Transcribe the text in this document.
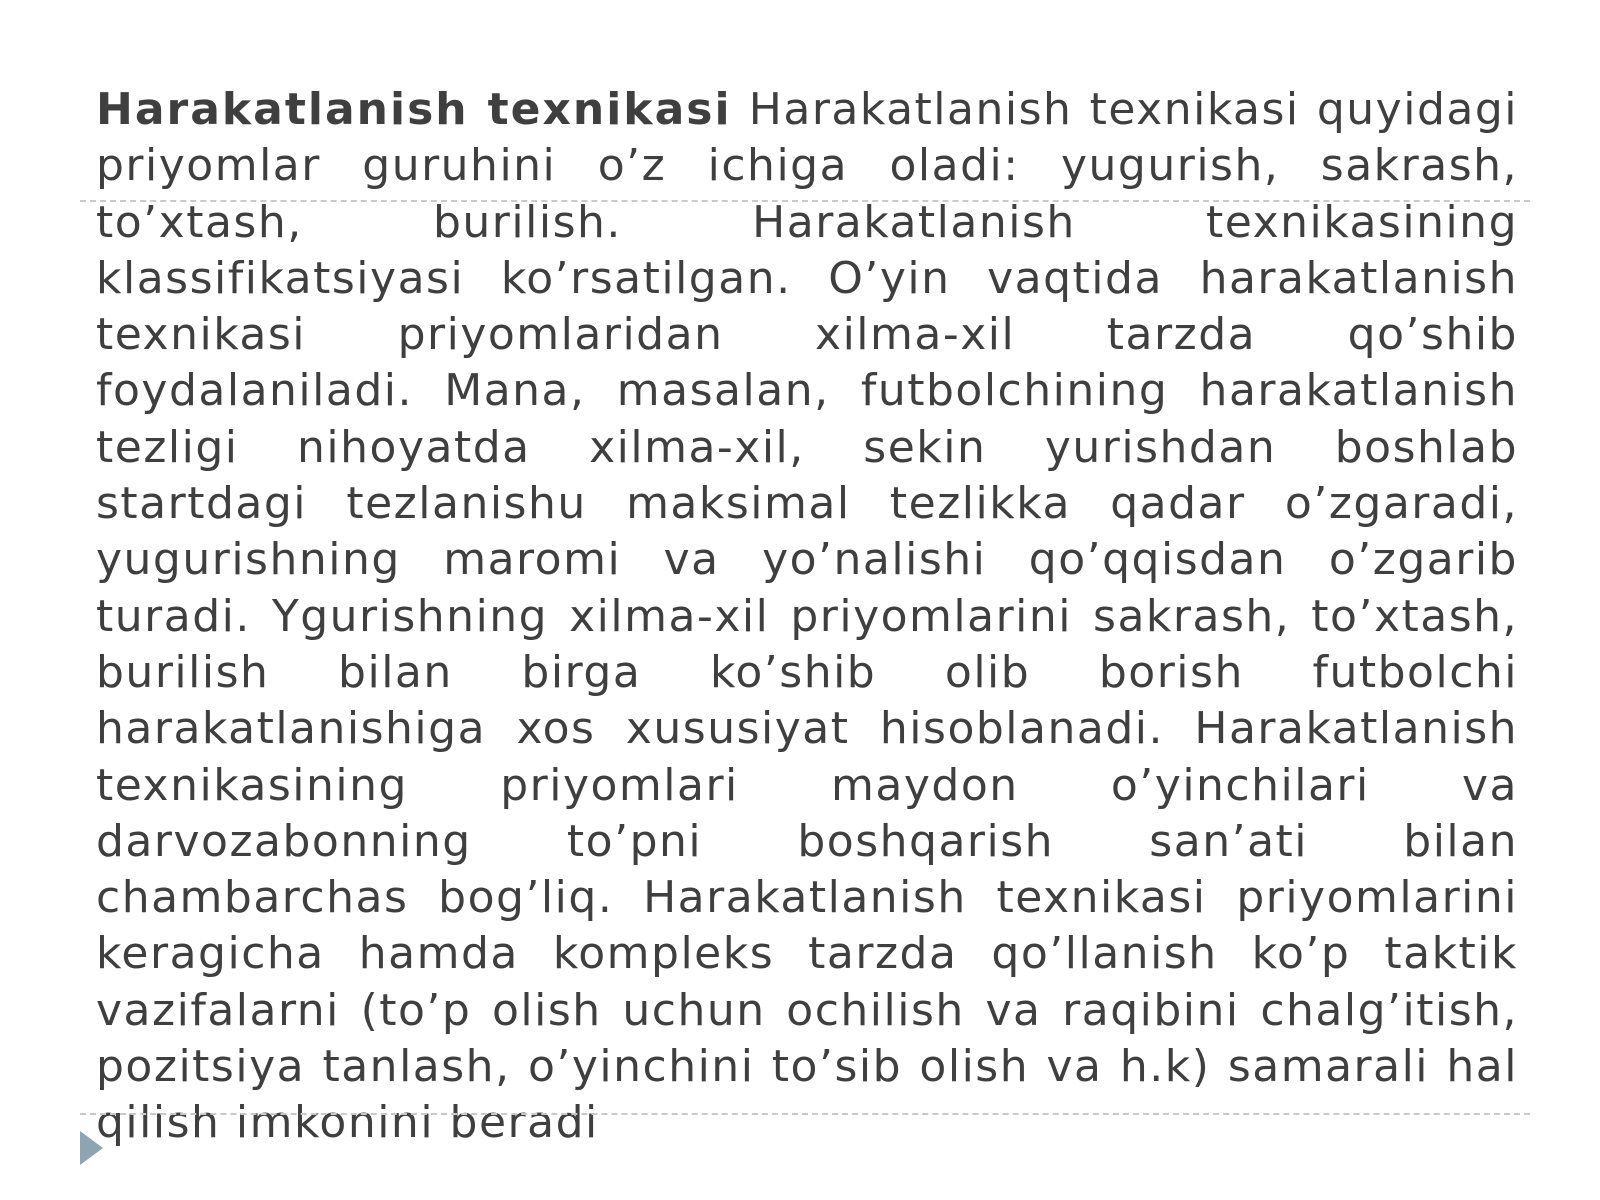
Harakatlanish texnikasi Harakatlanish texnikasi quyidagi priyomlar guruhini o’z ichiga oladi: yugurish, sakrash, to’xtash, burilish. Harakatlanish texnikasining klassifikatsiyasi ko’rsatilgan. O’yin vaqtida harakatlanish texnikasi priyomlaridan xilma-xil tarzda qo’shib foydalaniladi. Mana, masalan, futbolchining harakatlanish tezligi nihoyatda xilma-xil, sekin yurishdan boshlab startdagi tezlanishu maksimal tezlikka qadar o’zgaradi, yugurishning maromi va yo’nalishi qo’qqisdan o’zgarib turadi. Ygurishning xilma-xil priyomlarini sakrash, to’xtash, burilish bilan birga ko’shib olib borish futbolchi harakatlanishiga xos xususiyat hisoblanadi. Harakatlanish texnikasining priyomlari maydon o’yinchilari va darvozabonning to’pni boshqarish san’ati bilan chambarchas bog’liq. Harakatlanish texnikasi priyomlarini keragicha hamda kompleks tarzda qo’llanish ko’p taktik vazifalarni (to’p olish uchun ochilish va raqibini chalg’itish, pozitsiya tanlash, o’yinchini to’sib olish va h.k) samarali hal qilish imkonini beradi
